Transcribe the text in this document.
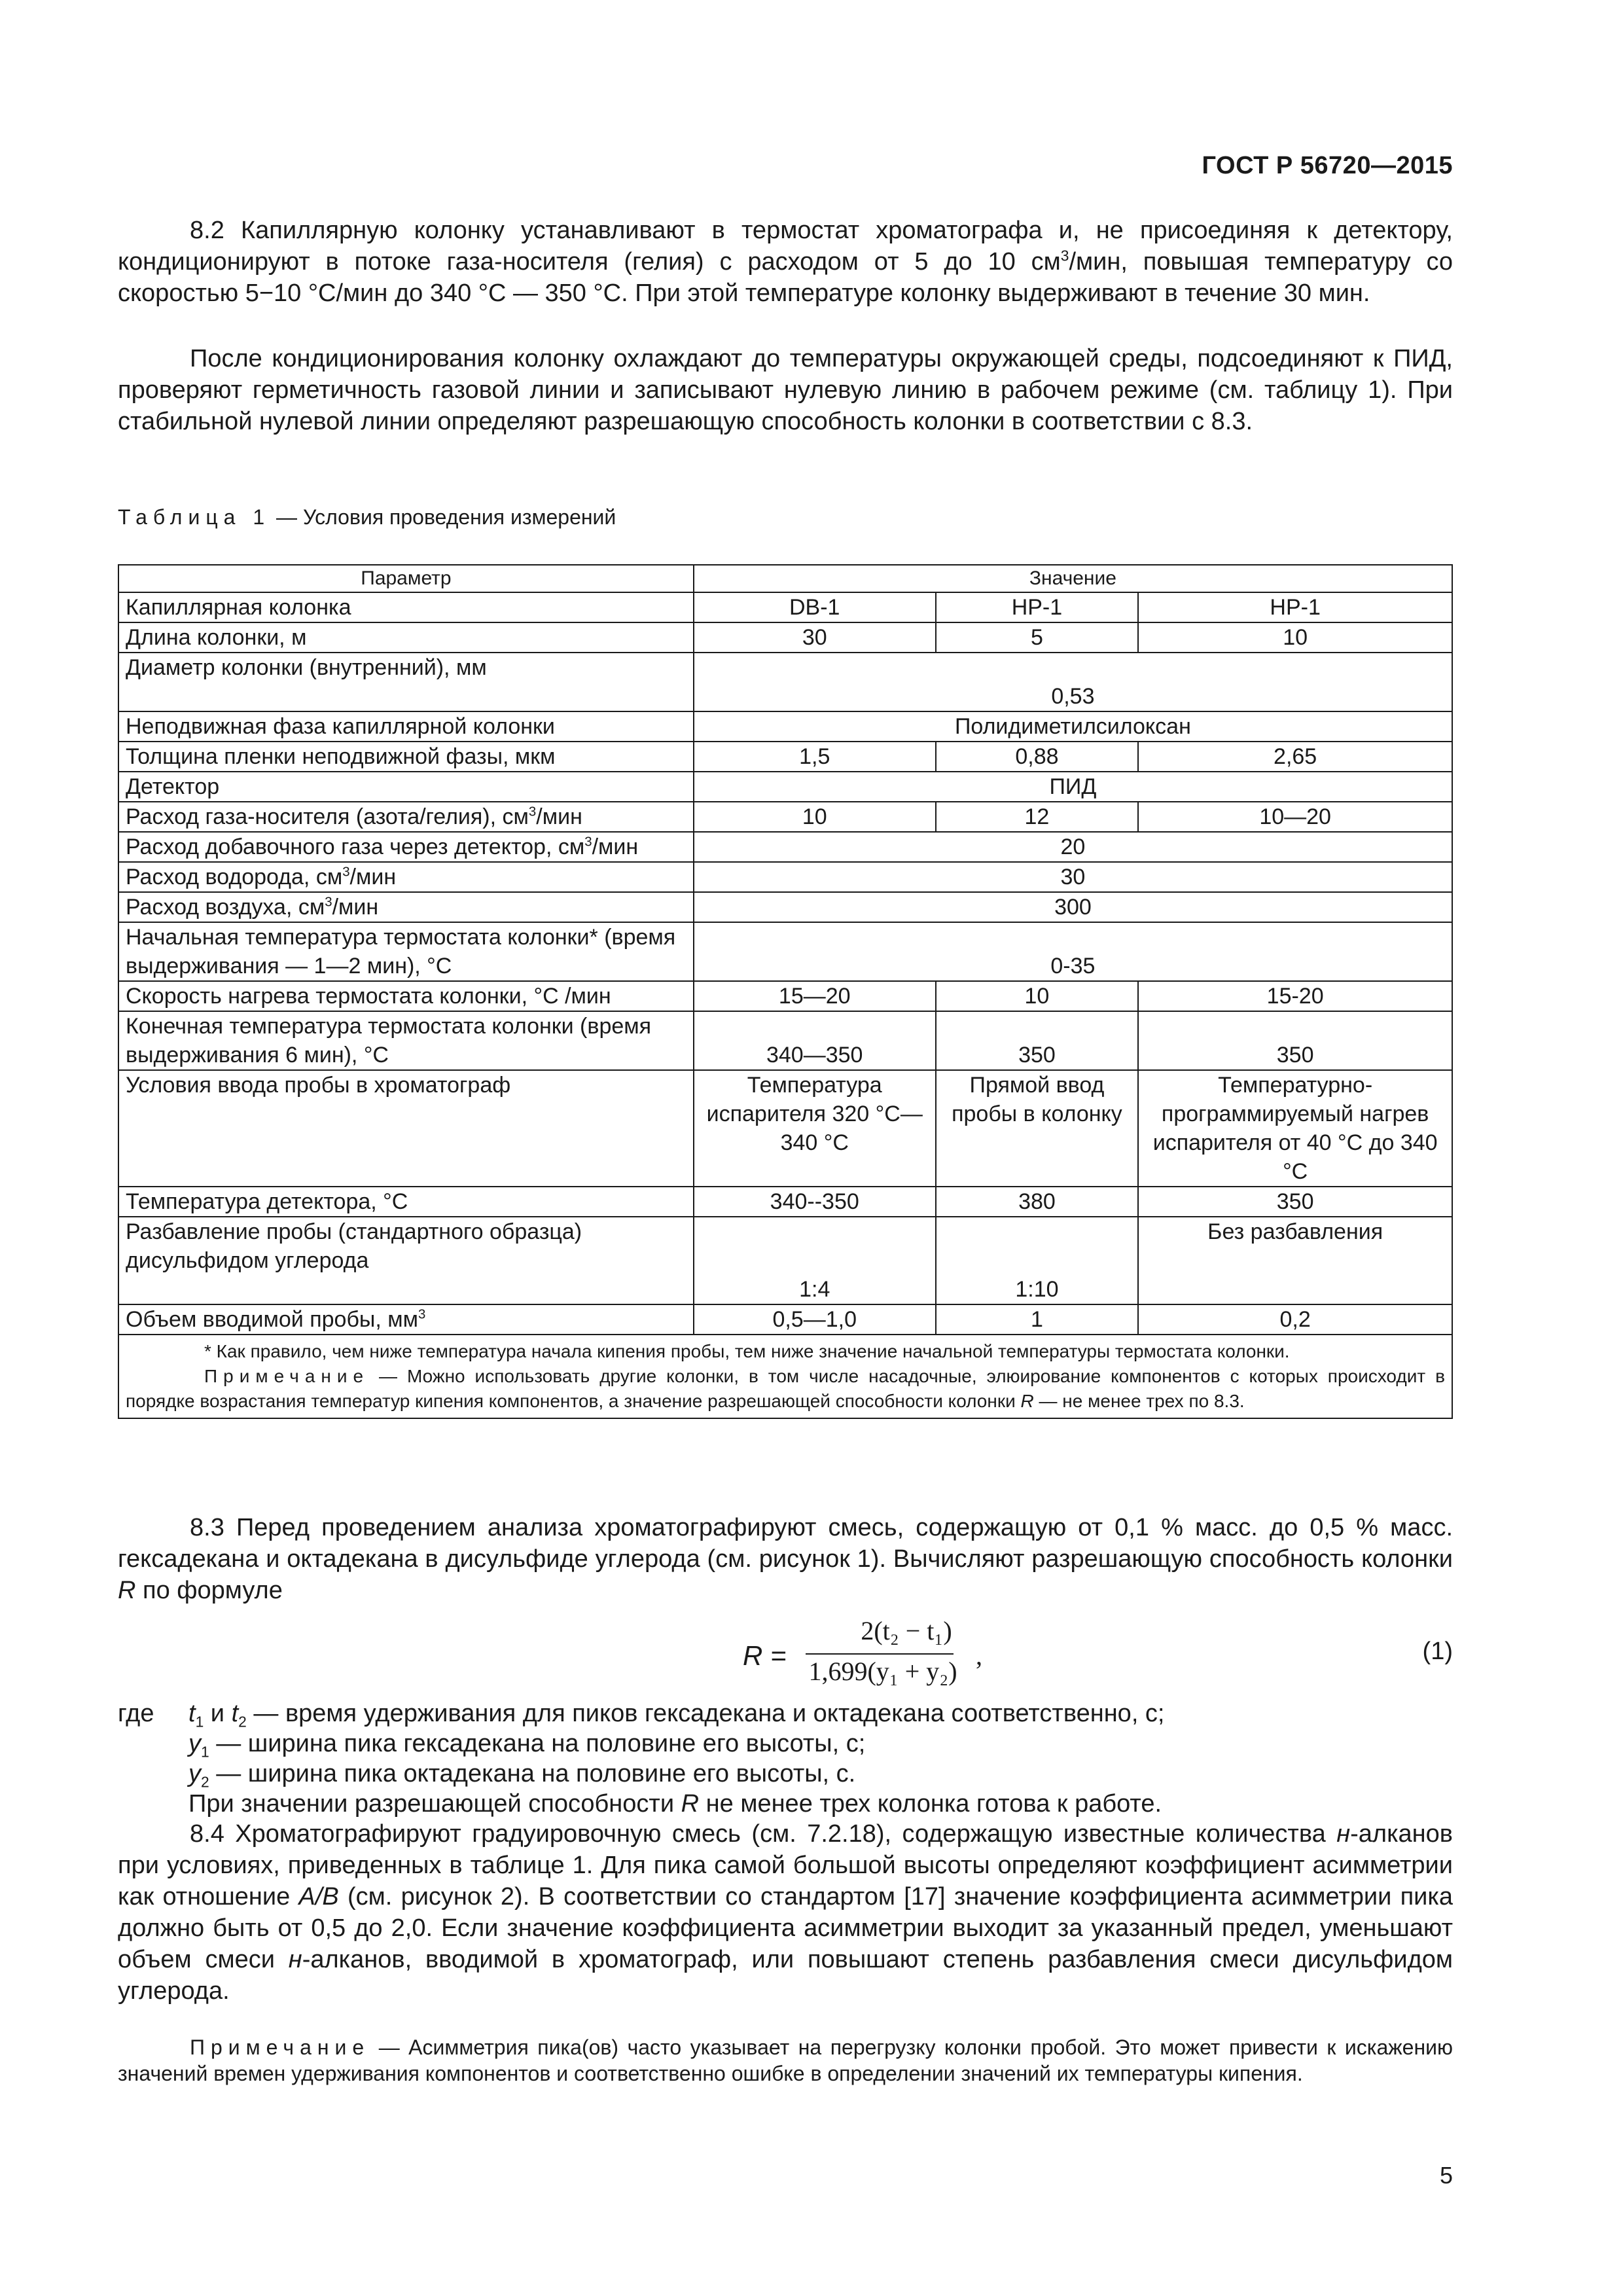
ГОСТ Р 56720—2015

8.2 Капиллярную колонку устанавливают в термостат хроматографа и, не присоединяя к детектору, кондиционируют в потоке газа-носителя (гелия) с расходом от 5 до 10 $см^3$/мин, повышая температуру со скоростью 5−10 °С/мин до 340 °С — 350 °С. При этой температуре колонку выдерживают в течение 30 мин.

После кондиционирования колонку охлаждают до температуры окружающей среды, подсоединяют к ПИД, проверяют герметичность газовой линии и записывают нулевую линию в рабочем режиме (см. таблицу 1). При стабильной нулевой линии определяют разрешающую способность колонки в соответствии с 8.3.

Таблица 1 — Условия проведения измерений
Параметр	Значение		
Капиллярная колонка	DB-1	HP-1	HP-1
Длина колонки, м	30	5	10
Диаметр колонки (внутренний), мм	0,53		
Неподвижная фаза капиллярной колонки	Полидиметилсилоксан		
Толщина пленки неподвижной фазы, мкм	1,5	0,88	2,65
Детектор	ПИД		
Расход газа-носителя (азота/гелия), $см^3$/мин	10	12	10—20
Расход добавочного газа через детектор, $см^3$/мин	20		
Расход водорода, $см^3$/мин	30		
Расход воздуха, $см^3$/мин	300		
Начальная температура термостата колонки* (время выдерживания — 1—2 мин), °С	0-35		
Скорость нагрева термостата колонки, °С /мин	15—20	10	15-20
Конечная температура термостата колонки (время выдерживания 6 мин), °С	340—350	350	350
Условия ввода пробы в хроматограф	Температура испарителя 320 °С—340 °С	Прямой ввод пробы в колонку	Температурно-программируемый нагрев испарителя от 40 °С до 340 °С
Температура детектора, °С	340--350	380	350
Разбавление пробы (стандартного образца) дисульфидом углерода	1:4	1:10	Без разбавления
Объем вводимой пробы, $мм^3$	0,5—1,0	1	0,2

* Как правило, чем ниже температура начала кипения пробы, тем ниже значение начальной температуры термостата колонки.
Примечание — Можно использовать другие колонки, в том числе насадочные, элюирование компонентов с которых происходит в порядке возрастания температур кипения компонентов, а значение разрешающей способности колонки R — не менее трех по 8.3.			

8.3 Перед проведением анализа хроматографируют смесь, содержащую от 0,1 % масс. до 0,5 % масс. гексадекана и октадекана в дисульфиде углерода (см. рисунок 1). Вычисляют разрешающую способность колонки R по формуле

R =
2(t₂ − t₁)
1,699(y₁ + y₂)
,	(1)
где $t_1$ и $t_2$ — время удерживания для пиков гексадекана и октадекана соответственно, с;
$y_1$ — ширина пика гексадекана на половине его высоты, с;
$y_2$ — ширина пика октадекана на половине его высоты, с.
При значении разрешающей способности R не менее трех колонка готова к работе.

8.4 Хроматографируют градуировочную смесь (см. 7.2.18), содержащую известные количества н-алканов при условиях, приведенных в таблице 1. Для пика самой большой высоты определяют коэффициент асимметрии как отношение A/B (см. рисунок 2). В соответствии со стандартом [17] значение коэффициента асимметрии пика должно быть от 0,5 до 2,0. Если значение коэффициента асимметрии выходит за указанный предел, уменьшают объем смеси н-алканов, вводимой в хроматограф, или повышают степень разбавления смеси дисульфидом углерода.

Примечание — Асимметрия пика(ов) часто указывает на перегрузку колонки пробой. Это может привести к искажению значений времен удерживания компонентов и соответственно ошибке в определении значений их температуры кипения.

5
